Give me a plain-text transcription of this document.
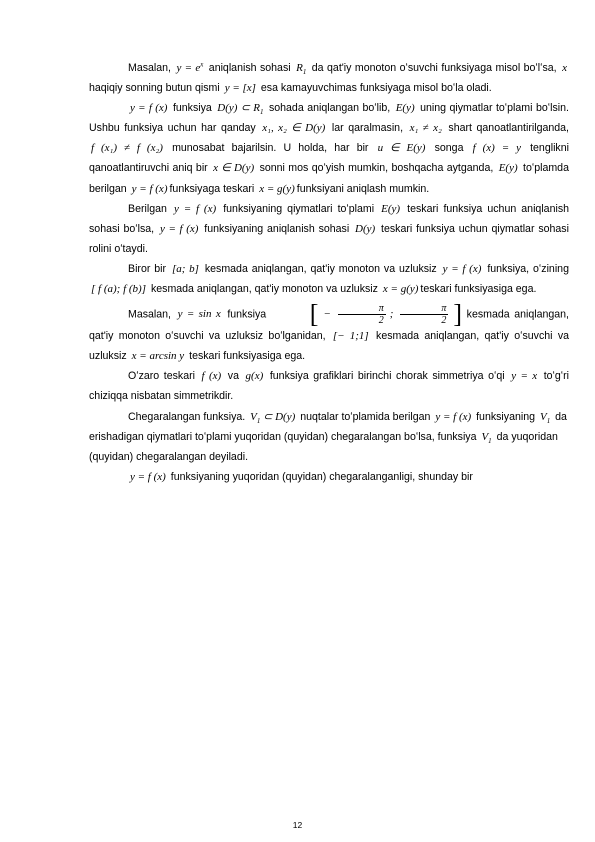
Masalan, $y = e^x$ aniqlanish sohasi $R_1$ da qat'iy monoton oʻsuvchi funksiyaga misol boʻlʻsa, x haqiqiy sonning butun qismi y = [x] esa kamayuvchimas funksiyaga misol boʻla oladi.

y = f (x) funksiya D(y) ⊂ $R_1$ sohada aniqlangan boʻlib, E(y) uning qiymatlar toʻplami boʻlsin. Ushbu funksiya uchun har qanday x₁, x₂ ∈ D(y) lar qaralmasin, x₁ ≠ x₂ shart qanoatlantirilganda, f (x₁) ≠ f (x₂) munosabat bajarilsin. U holda, har bir u ∈ E(y) songa f (x) = y tenglikni qanoatlantiruvchi aniq bir x ∈ D(y) sonni mos qoʻyish mumkin, boshqacha aytganda, E(y) toʻplamda berilgan y = f (x) funksiyaga teskari x = g(y) funksiyani aniqlash mumkin.

Berilgan y = f (x) funksiyaning qiymatlari toʻplami E(y) teskari funksiya uchun aniqlanish sohasi boʻlsa, y = f (x) funksiyaning aniqlanish sohasi D(y) teskari funksiya uchun qiymatlar sohasi rolini oʻtaydi.

Biror bir [a; b] kesmada aniqlangan, qat'iy monoton va uzluksiz y = f (x) funksiya, oʻzining [ f (a); f (b)] kesmada aniqlangan, qat'iy monoton va uzluksiz x = g(y) teskari funksiyasiga ega.

Masalan, y = sin x funksiya [ − $\frac{\pi}{2}$ ; $\frac{\pi}{2}$ ] kesmada aniqlangan, qat'iy monoton oʻsuvchi va uzluksiz boʻlganidan, [− 1;1] kesmada aniqlangan, qat'iy oʻsuvchi va uzluksiz x = arcsin y teskari funksiyasiga ega.

Oʻzaro teskari f (x) va g(x) funksiya grafiklari birinchi chorak simmetriya oʻqi y = x toʻgʻri chiziqqa nisbatan simmetrikdir.

Chegaralangan funksiya. $V_1$ ⊂ D(y) nuqtalar toʻplamida berilgan y = f (x) funksiyaning $V_1$ da erishadigan qiymatlari toʻplami yuqoridan (quyidan) chegaralangan boʻlsa, funksiya $V_1$ da yuqoridan (quyidan) chegaralangan deyiladi.

y = f (x) funksiyaning yuqoridan (quyidan) chegaralanganligi, shunday bir

12
